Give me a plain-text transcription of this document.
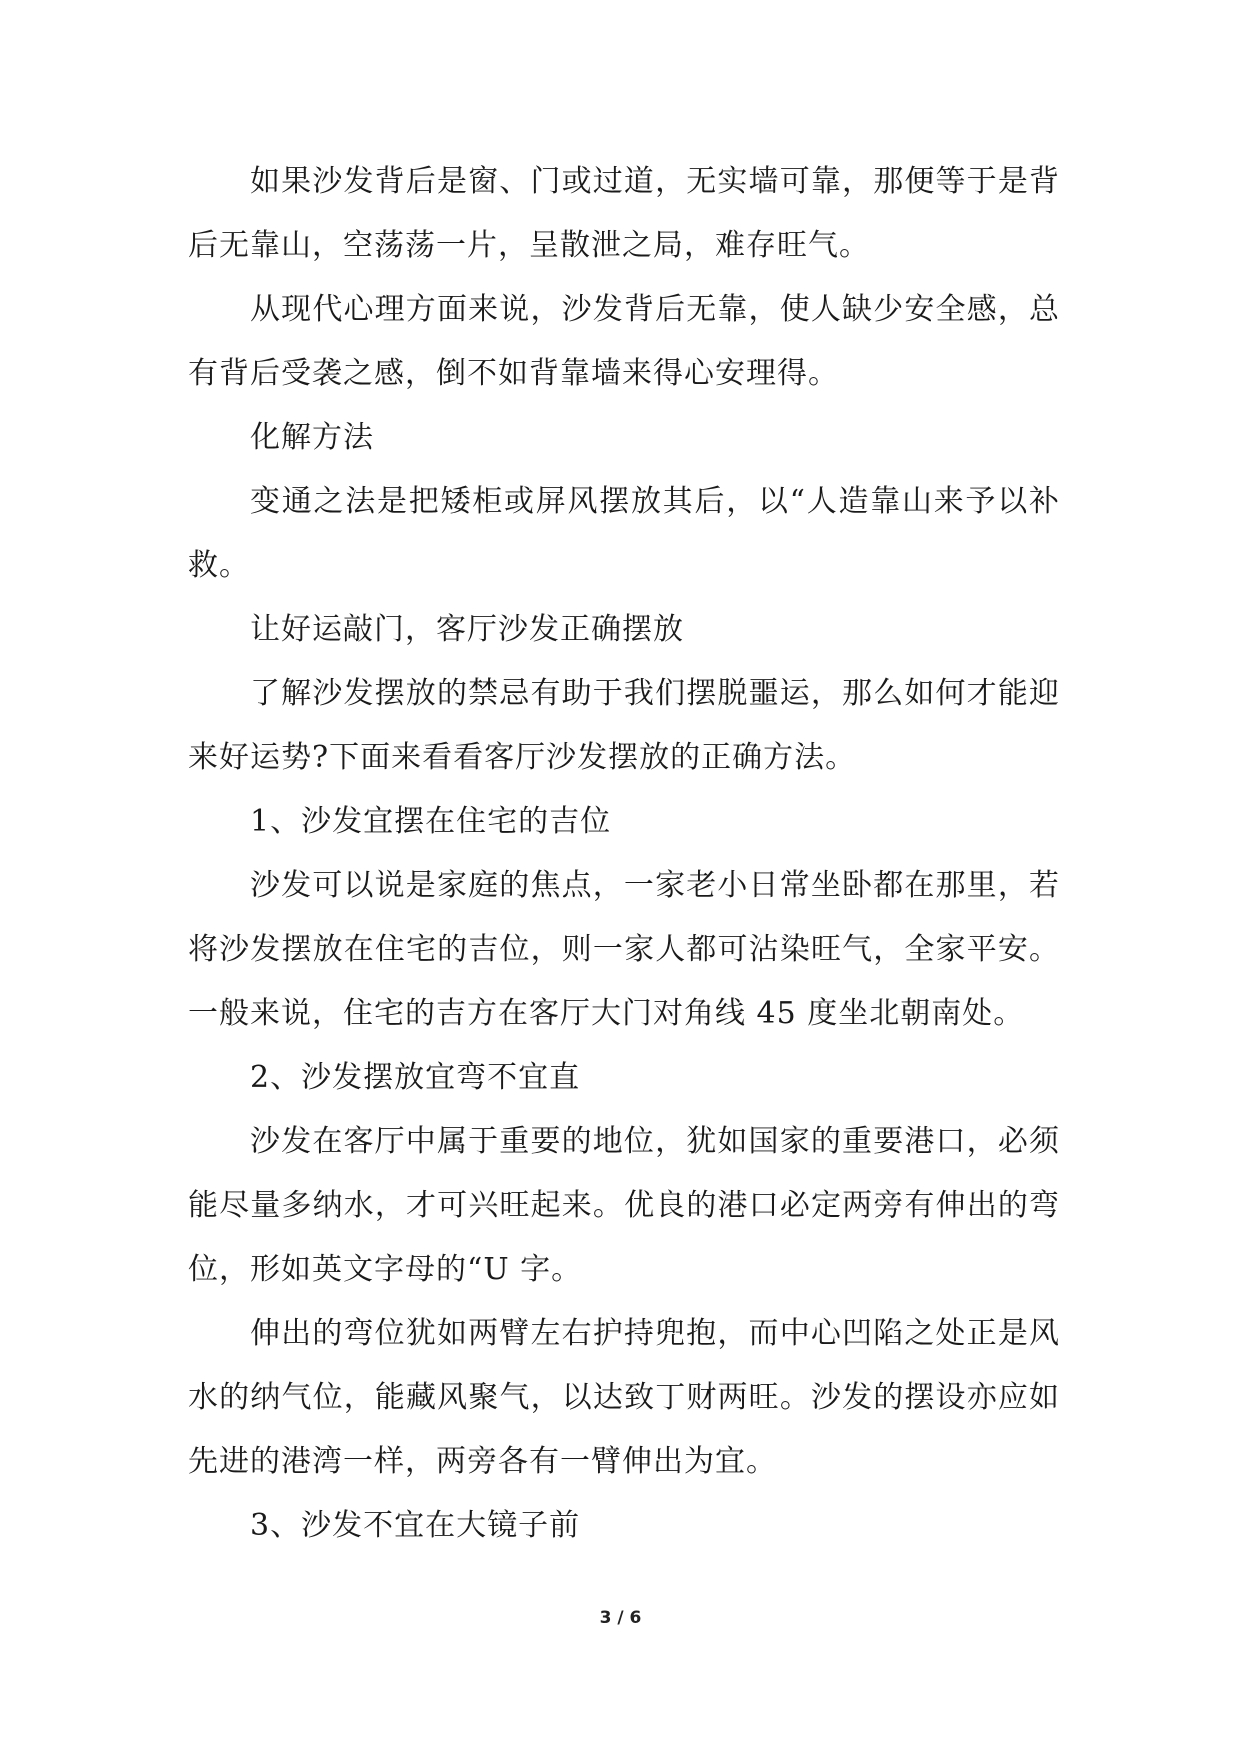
如果沙发背后是窗、门或过道，无实墙可靠，那便等于是背后无靠山，空荡荡一片，呈散泄之局，难存旺气。

从现代心理方面来说，沙发背后无靠，使人缺少安全感，总有背后受袭之感，倒不如背靠墙来得心安理得。

化解方法

变通之法是把矮柜或屏风摆放其后，以“人造靠山来予以补救。

让好运敲门，客厅沙发正确摆放

了解沙发摆放的禁忌有助于我们摆脱噩运，那么如何才能迎来好运势?下面来看看客厅沙发摆放的正确方法。

1、沙发宜摆在住宅的吉位

沙发可以说是家庭的焦点，一家老小日常坐卧都在那里，若将沙发摆放在住宅的吉位，则一家人都可沾染旺气，全家平安。一般来说，住宅的吉方在客厅大门对角线 45 度坐北朝南处。

2、沙发摆放宜弯不宜直

沙发在客厅中属于重要的地位，犹如国家的重要港口，必须能尽量多纳水，才可兴旺起来。优良的港口必定两旁有伸出的弯位，形如英文字母的“U 字。

伸出的弯位犹如两臂左右护持兜抱，而中心凹陷之处正是风水的纳气位，能藏风聚气，以达致丁财两旺。沙发的摆设亦应如先进的港湾一样，两旁各有一臂伸出为宜。

3、沙发不宜在大镜子前

3 / 6
